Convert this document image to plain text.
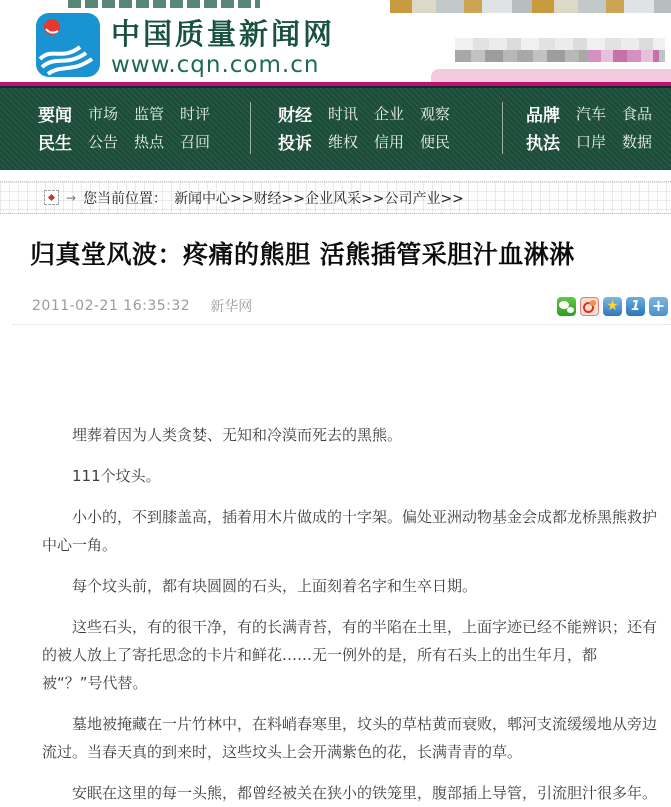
中国质量新闻网
www.cqn.com.cn
要闻 市场 监管 时评
民生 公告 热点 召回
财经 时讯 企业 观察
投诉 维权 信用 便民
品牌 汽车 食品
执法 口岸 数据
→ 您当前位置： 新闻中心>>财经>>企业风采>>公司产业>>
归真堂风波：疼痛的熊胆 活熊插管采胆汁血淋淋
2011-02-21 16:35:32 新华网
★
1
+

埋葬着因为人类贪婪、无知和冷漠而死去的黑熊。

111个坟头。

小小的，不到膝盖高，插着用木片做成的十字架。偏处亚洲动物基金会成都龙桥黑熊救护中心一角。

每个坟头前，都有块圆圆的石头，上面刻着名字和生卒日期。

这些石头，有的很干净，有的长满青苔，有的半陷在土里，上面字迹已经不能辨识；还有的被人放上了寄托思念的卡片和鲜花……无一例外的是，所有石头上的出生年月，都被“？”号代替。

墓地被掩藏在一片竹林中，在料峭春寒里，坟头的草枯黄而衰败，郫河支流缓缓地从旁边流过。当春天真的到来时，这些坟头上会开满紫色的花，长满青青的草。

安眠在这里的每一头熊，都曾经被关在狭小的铁笼里，腹部插上导管，引流胆汁很多年。
